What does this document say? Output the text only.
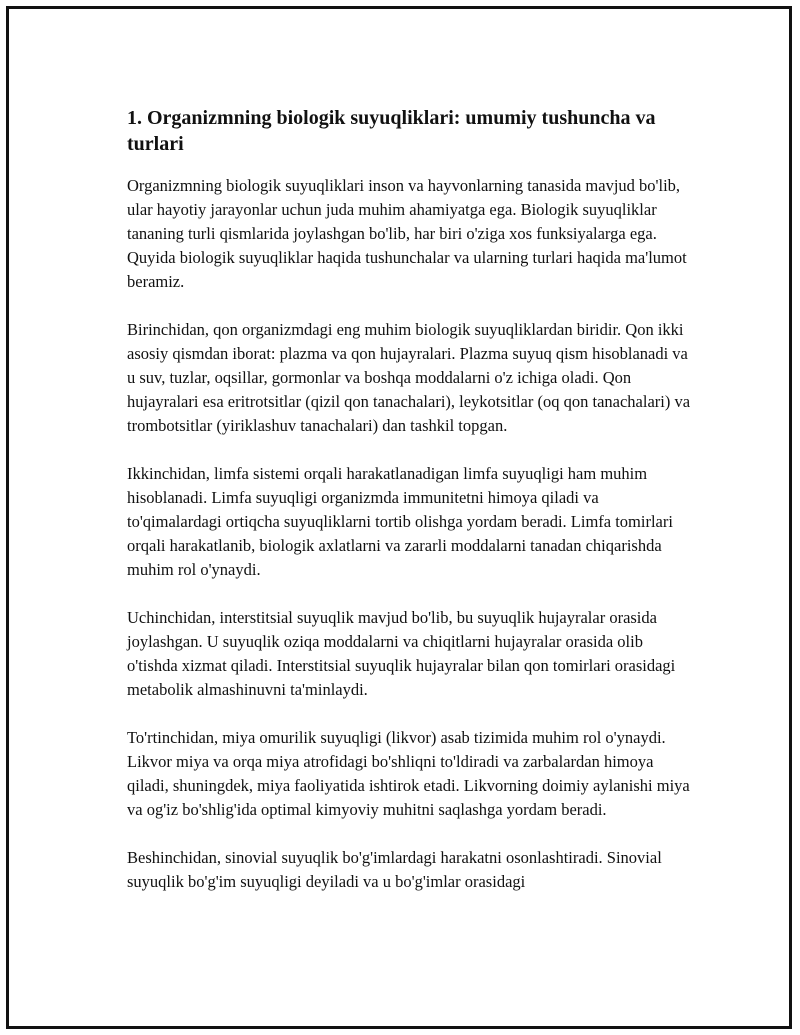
1. Organizmning biologik suyuqliklari: umumiy tushuncha va turlari

Organizmning biologik suyuqliklari inson va hayvonlarning tanasida mavjud bo'lib, ular hayotiy jarayonlar uchun juda muhim ahamiyatga ega. Biologik suyuqliklar tananing turli qismlarida joylashgan bo'lib, har biri o'ziga xos funksiyalarga ega. Quyida biologik suyuqliklar haqida tushunchalar va ularning turlari haqida ma'lumot beramiz.

Birinchidan, qon organizmdagi eng muhim biologik suyuqliklardan biridir. Qon ikki asosiy qismdan iborat: plazma va qon hujayralari. Plazma suyuq qism hisoblanadi va u suv, tuzlar, oqsillar, gormonlar va boshqa moddalarni o'z ichiga oladi. Qon hujayralari esa eritrotsitlar (qizil qon tanachalari), leykotsitlar (oq qon tanachalari) va trombotsitlar (yiriklashuv tanachalari) dan tashkil topgan.

Ikkinchidan, limfa sistemi orqali harakatlanadigan limfa suyuqligi ham muhim hisoblanadi. Limfa suyuqligi organizmda immunitetni himoya qiladi va to'qimalardagi ortiqcha suyuqliklarni tortib olishga yordam beradi. Limfa tomirlari orqali harakatlanib, biologik axlatlarni va zararli moddalarni tanadan chiqarishda muhim rol o'ynaydi.

Uchinchidan, interstitsial suyuqlik mavjud bo'lib, bu suyuqlik hujayralar orasida joylashgan. U suyuqlik oziqa moddalarni va chiqitlarni hujayralar orasida olib o'tishda xizmat qiladi. Interstitsial suyuqlik hujayralar bilan qon tomirlari orasidagi metabolik almashinuvni ta'minlaydi.

To'rtinchidan, miya omurilik suyuqligi (likvor) asab tizimida muhim rol o'ynaydi. Likvor miya va orqa miya atrofidagi bo'shliqni to'ldiradi va zarbalardan himoya qiladi, shuningdek, miya faoliyatida ishtirok etadi. Likvorning doimiy aylanishi miya va og'iz bo'shlig'ida optimal kimyoviy muhitni saqlashga yordam beradi.

Beshinchidan, sinovial suyuqlik bo'g'imlardagi harakatni osonlashtiradi. Sinovial suyuqlik bo'g'im suyuqligi deyiladi va u bo'g'imlar orasidagi
